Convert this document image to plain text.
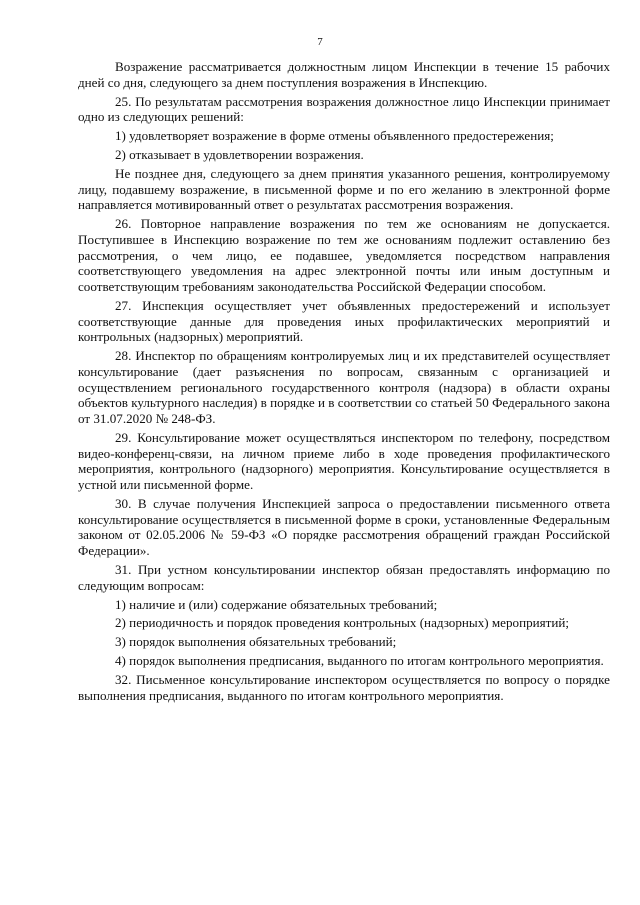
7

Возражение рассматривается должностным лицом Инспекции в течение 15 рабочих дней со дня, следующего за днем поступления возражения в Инспекцию.

25. По результатам рассмотрения возражения должностное лицо Инспекции принимает одно из следующих решений:

1) удовлетворяет возражение в форме отмены объявленного предостережения;

2) отказывает в удовлетворении возражения.

Не позднее дня, следующего за днем принятия указанного решения, контролируемому лицу, подавшему возражение, в письменной форме и по его желанию в электронной форме направляется мотивированный ответ о результатах рассмотрения возражения.

26. Повторное направление возражения по тем же основаниям не допускается. Поступившее в Инспекцию возражение по тем же основаниям подлежит оставлению без рассмотрения, о чем лицо, ее подавшее, уведомляется посредством направления соответствующего уведомления на адрес электронной почты или иным доступным и соответствующим требованиям законодательства Российской Федерации способом.

27. Инспекция осуществляет учет объявленных предостережений и использует соответствующие данные для проведения иных профилактических мероприятий и контрольных (надзорных) мероприятий.

28. Инспектор по обращениям контролируемых лиц и их представителей осуществляет консультирование (дает разъяснения по вопросам, связанным с организацией и осуществлением регионального государственного контроля (надзора) в области охраны объектов культурного наследия) в порядке и в соответствии со статьей 50 Федерального закона от 31.07.2020 № 248-ФЗ.

29. Консультирование может осуществляться инспектором по телефону, посредством видео-конференц-связи, на личном приеме либо в ходе проведения профилактического мероприятия, контрольного (надзорного) мероприятия. Консультирование осуществляется в устной или письменной форме.

30. В случае получения Инспекцией запроса о предоставлении письменного ответа консультирование осуществляется в письменной форме в сроки, установленные Федеральным законом от 02.05.2006 № 59-ФЗ «О порядке рассмотрения обращений граждан Российской Федерации».

31. При устном консультировании инспектор обязан предоставлять информацию по следующим вопросам:

1) наличие и (или) содержание обязательных требований;

2) периодичность и порядок проведения контрольных (надзорных) мероприятий;

3) порядок выполнения обязательных требований;

4) порядок выполнения предписания, выданного по итогам контрольного мероприятия.

32. Письменное консультирование инспектором осуществляется по вопросу о порядке выполнения предписания, выданного по итогам контрольного мероприятия.
